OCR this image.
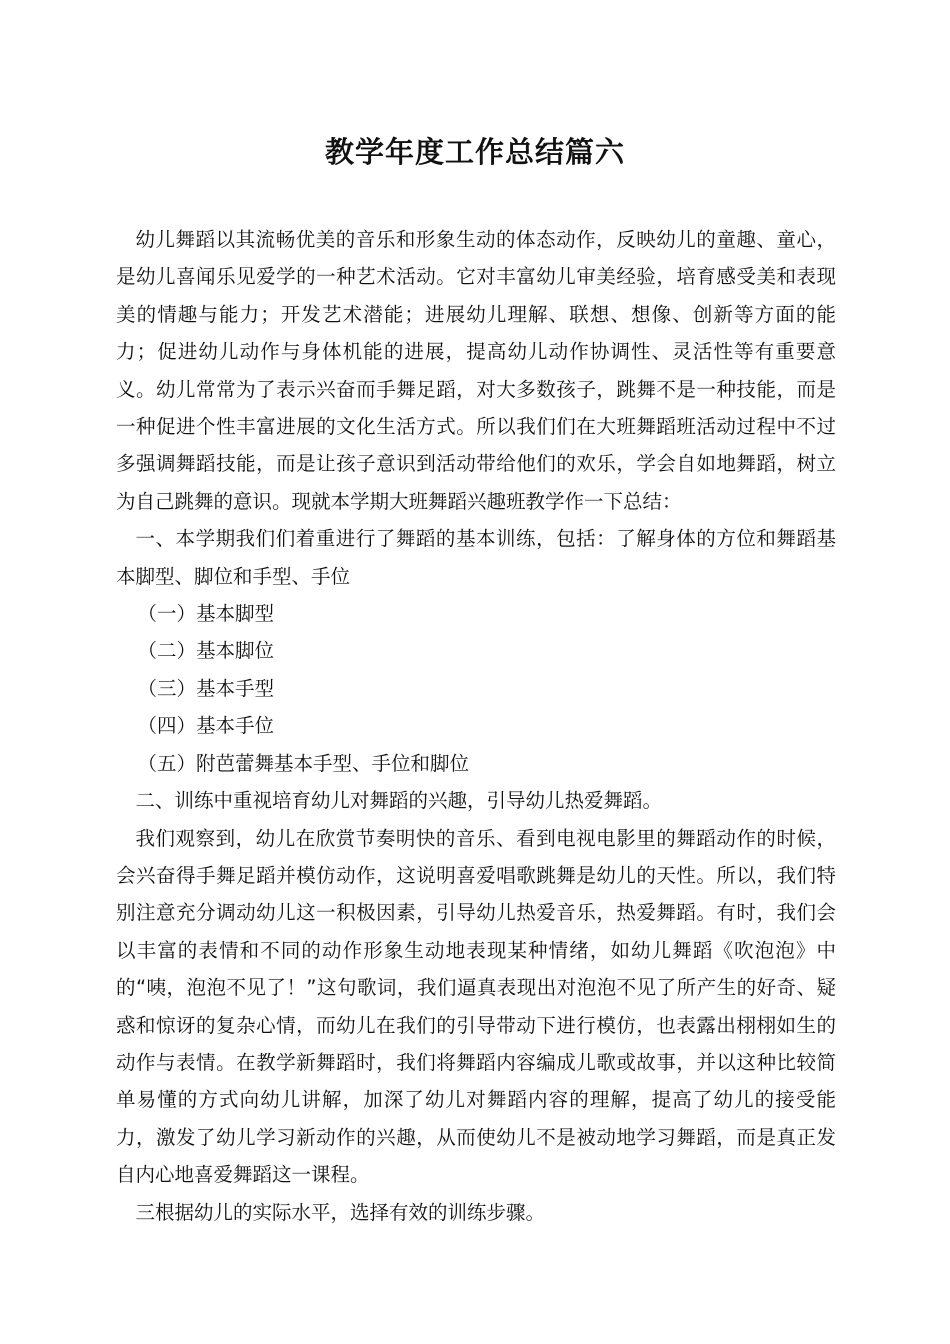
教学年度工作总结篇六

幼儿舞蹈以其流畅优美的音乐和形象生动的体态动作，反映幼儿的童趣、童心，是幼儿喜闻乐见爱学的一种艺术活动。它对丰富幼儿审美经验，培育感受美和表现美的情趣与能力；开发艺术潜能；进展幼儿理解、联想、想像、创新等方面的能力；促进幼儿动作与身体机能的进展，提高幼儿动作协调性、灵活性等有重要意义。幼儿常常为了表示兴奋而手舞足蹈，对大多数孩子，跳舞不是一种技能，而是一种促进个性丰富进展的文化生活方式。所以我们们在大班舞蹈班活动过程中不过多强调舞蹈技能，而是让孩子意识到活动带给他们的欢乐，学会自如地舞蹈，树立为自己跳舞的意识。现就本学期大班舞蹈兴趣班教学作一下总结：

一、本学期我们们着重进行了舞蹈的基本训练，包括：了解身体的方位和舞蹈基本脚型、脚位和手型、手位

（一）基本脚型

（二）基本脚位

（三）基本手型

（四）基本手位

（五）附芭蕾舞基本手型、手位和脚位

二、训练中重视培育幼儿对舞蹈的兴趣，引导幼儿热爱舞蹈。

我们观察到，幼儿在欣赏节奏明快的音乐、看到电视电影里的舞蹈动作的时候，会兴奋得手舞足蹈并模仿动作，这说明喜爱唱歌跳舞是幼儿的天性。所以，我们特别注意充分调动幼儿这一积极因素，引导幼儿热爱音乐，热爱舞蹈。有时，我们会以丰富的表情和不同的动作形象生动地表现某种情绪，如幼儿舞蹈《吹泡泡》中的“咦，泡泡不见了！”这句歌词，我们逼真表现出对泡泡不见了所产生的好奇、疑惑和惊讶的复杂心情，而幼儿在我们的引导带动下进行模仿，也表露出栩栩如生的动作与表情。在教学新舞蹈时，我们将舞蹈内容编成儿歌或故事，并以这种比较简单易懂的方式向幼儿讲解，加深了幼儿对舞蹈内容的理解，提高了幼儿的接受能力，激发了幼儿学习新动作的兴趣，从而使幼儿不是被动地学习舞蹈，而是真正发自内心地喜爱舞蹈这一课程。

三根据幼儿的实际水平，选择有效的训练步骤。
